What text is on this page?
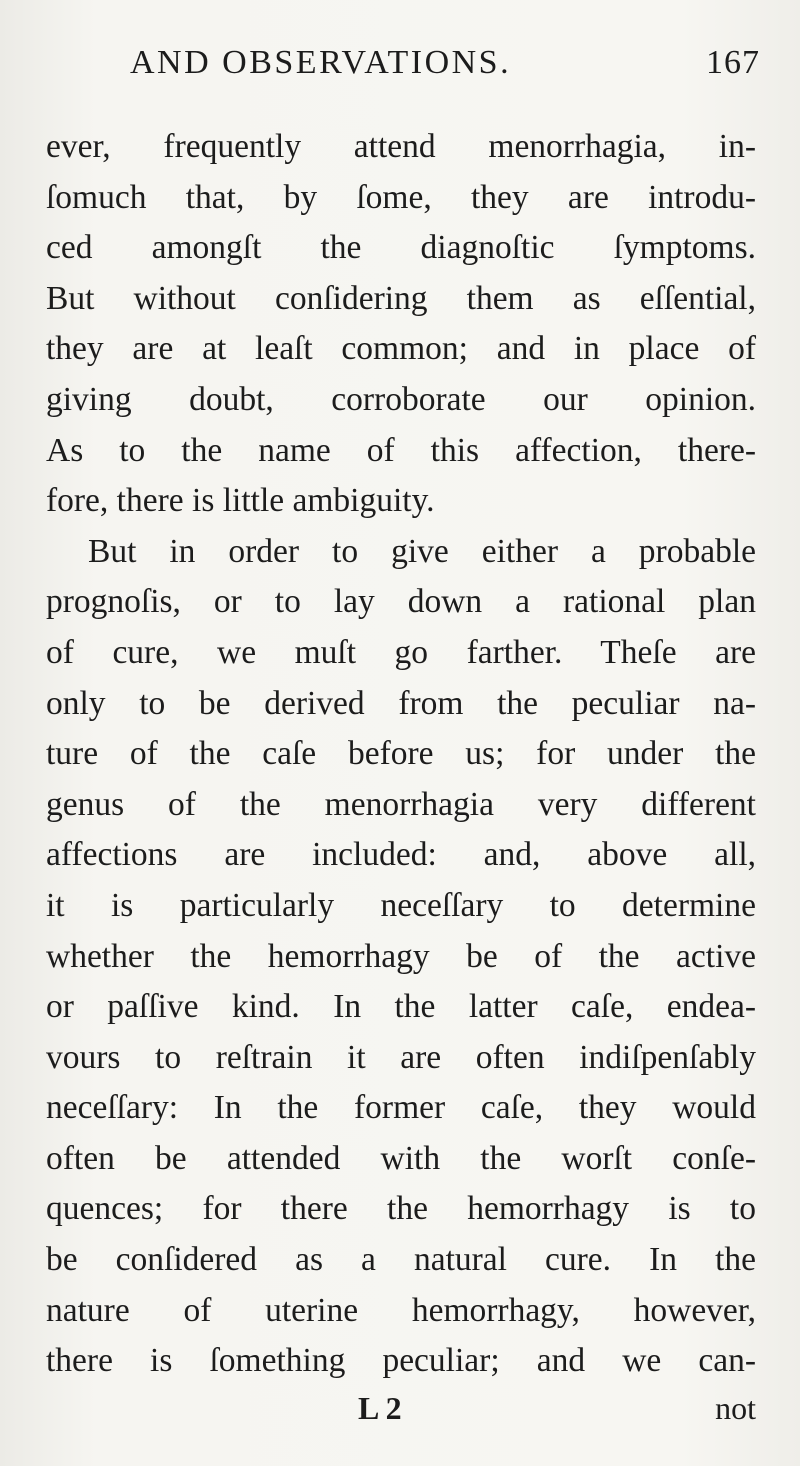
AND OBSERVATIONS.	167
ever, frequently attend menorrhagia, in-
ſomuch that, by ſome, they are introdu-
ced amongſt the diagnoſtic ſymptoms.
But without conſidering them as eſſential,
they are at leaſt common; and in place of
giving doubt, corroborate our opinion.
As to the name of this affection, there-
fore, there is little ambiguity.
But in order to give either a probable
prognoſis, or to lay down a rational plan
of cure, we muſt go farther. Theſe are
only to be derived from the peculiar na-
ture of the caſe before us; for under the
genus of the menorrhagia very different
affections are included: and, above all,
it is particularly neceſſary to determine
whether the hemorrhagy be of the active
or paſſive kind. In the latter caſe, endea-
vours to reſtrain it are often indiſpenſably
neceſſary: In the former caſe, they would
often be attended with the worſt conſe-
quences; for there the hemorrhagy is to
be conſidered as a natural cure. In the
nature of uterine hemorrhagy, however,
there is ſomething peculiar; and we can-
L 2	not
